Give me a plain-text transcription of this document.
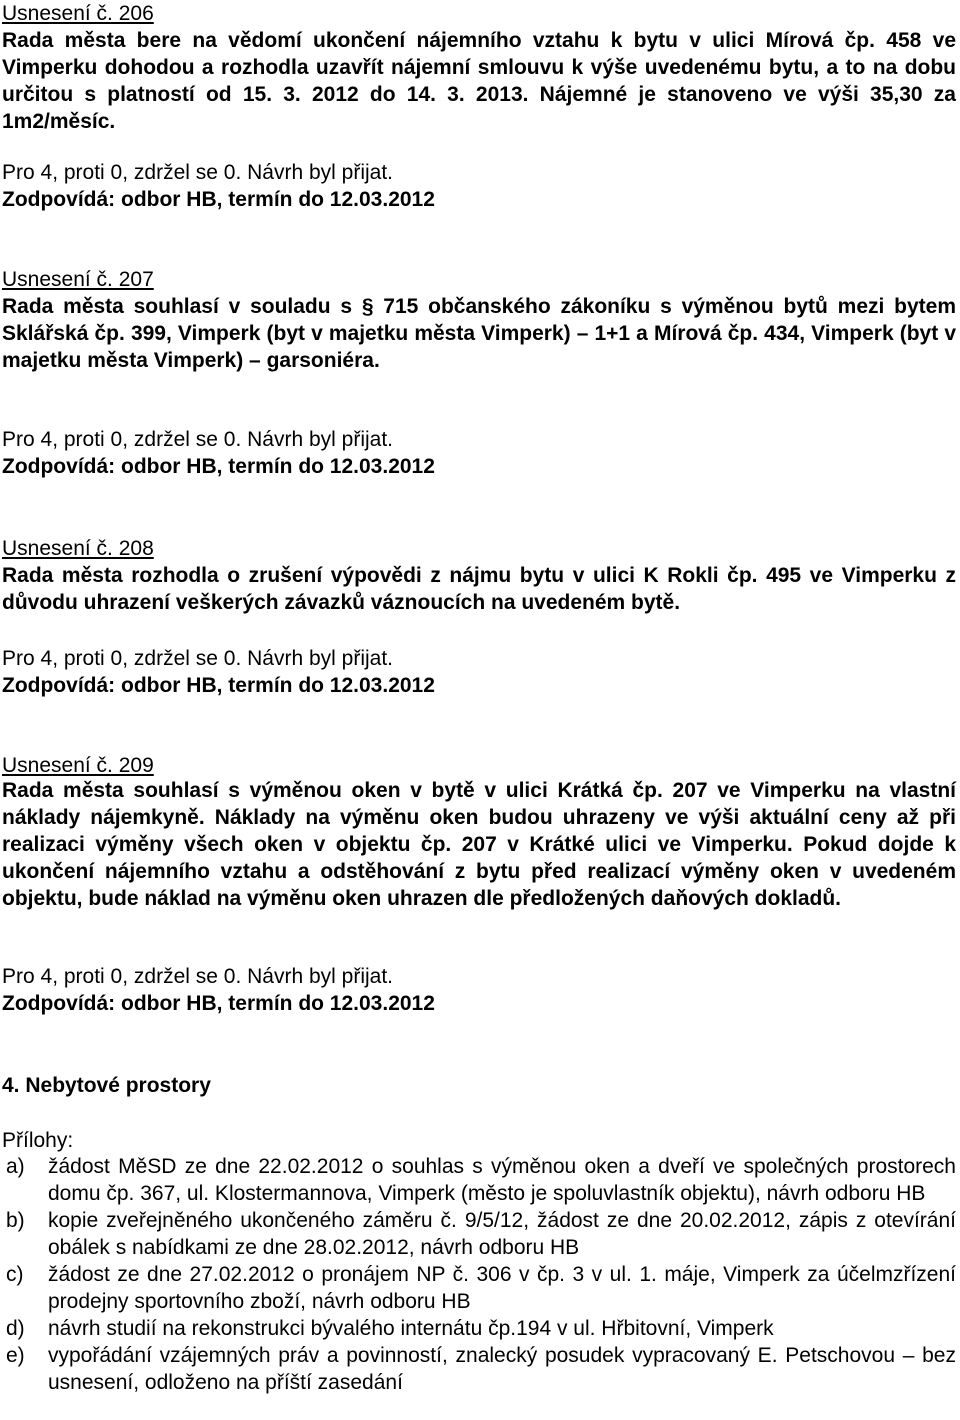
Usnesení č. 206
Rada města bere na vědomí ukončení nájemního vztahu k bytu v ulici Mírová čp. 458 ve Vimperku dohodou a rozhodla uzavřít nájemní smlouvu k výše uvedenému bytu, a to na dobu určitou s platností od 15. 3. 2012 do 14. 3. 2013. Nájemné je stanoveno ve výši 35,30 za 1m2/měsíc.
Pro 4, proti 0, zdržel se 0. Návrh byl přijat.
Zodpovídá: odbor HB, termín do 12.03.2012
Usnesení č. 207
Rada města souhlasí v souladu s § 715 občanského zákoníku s výměnou bytů mezi bytem Sklářská čp. 399, Vimperk (byt v majetku města Vimperk) – 1+1 a Mírová čp. 434, Vimperk (byt v majetku města Vimperk) – garsoniéra.
Pro 4, proti 0, zdržel se 0. Návrh byl přijat.
Zodpovídá: odbor HB, termín do 12.03.2012
Usnesení č. 208
Rada města rozhodla o zrušení výpovědi z nájmu bytu v ulici K Rokli čp. 495 ve Vimperku z důvodu uhrazení veškerých závazků váznoucích na uvedeném bytě.
Pro 4, proti 0, zdržel se 0. Návrh byl přijat.
Zodpovídá: odbor HB, termín do 12.03.2012
Usnesení č. 209
Rada města souhlasí s výměnou oken v bytě v ulici Krátká čp. 207 ve Vimperku na vlastní náklady nájemkyně. Náklady na výměnu oken budou uhrazeny ve výši aktuální ceny až při realizaci výměny všech oken v objektu čp. 207 v Krátké ulici ve Vimperku. Pokud dojde k ukončení nájemního vztahu a odstěhování z bytu před realizací výměny oken v uvedeném objektu, bude náklad na výměnu oken uhrazen dle předložených daňových dokladů.
Pro 4, proti 0, zdržel se 0. Návrh byl přijat.
Zodpovídá: odbor HB, termín do 12.03.2012
4. Nebytové prostory
Přílohy:
a) žádost MěSD ze dne 22.02.2012 o souhlas s výměnou oken a dveří ve společných prostorech domu čp. 367, ul. Klostermannova, Vimperk (město je spoluvlastník objektu), návrh odboru HB
b) kopie zveřejněného ukončeného záměru č. 9/5/12, žádost ze dne 20.02.2012, zápis z otevírání obálek s nabídkami ze dne 28.02.2012, návrh odboru HB
c) žádost ze dne 27.02.2012 o pronájem NP č. 306 v čp. 3 v ul. 1. máje, Vimperk za účelmzřízení prodejny sportovního zboží, návrh odboru HB
d) návrh studií na rekonstrukci bývalého internátu čp.194 v ul. Hřbitovní, Vimperk
e) vypořádání vzájemných práv a povinností, znalecký posudek vypracovaný E. Petschovou – bez usnesení, odloženo na příští zasedání
